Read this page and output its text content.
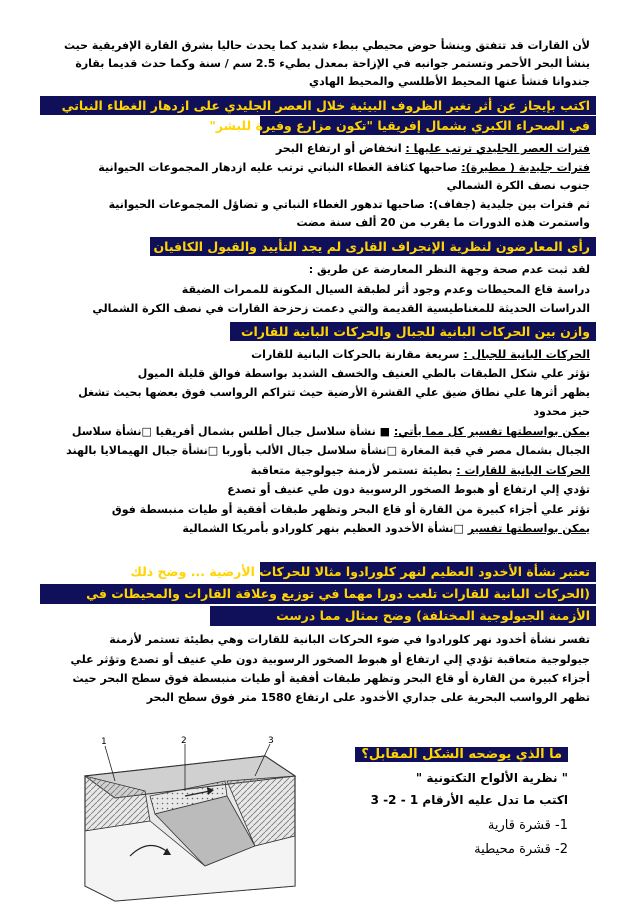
لأن القارات قد تتفتق وينشأ حوض محيطي ببطء شديد كما يحدث حاليا بشرق القارة الإفريقية حيث
ينشأ البحر الأحمر وتستمر جوانبه في الإزاحة بمعدل بطيء 2.5 سم / سنة وكما حدث قديما بقارة
جندوانا فنشأ عنها المحيط الأطلسي والمحيط الهادي
اكتب بإيجاز عن أثر تغير الظروف البيئية خلال العصر الجليدي على ازدهار الغطاء النباتي
في الصحراء الكبري بشمال إفريقيا "تكون مزارع وفيرة للبشر"
فترات العصر الجليدي ترتب عليها : انخفاض أو ارتفاع البحر
فترات جليدية ( مطيرة): صاحبها كثافة الغطاء النباتي ترتب عليه ازدهار المجموعات الحيوانية
جنوب نصف الكرة الشمالي
ثم فترات بين جليدية (جفاف): صاحبها تدهور الغطاء النباتي و تضاؤل المجموعات الحيوانية
واستمرت هذه الدورات ما يقرب من 20 ألف سنة مضت
رأى المعارضون لنظرية الإنجراف القارى لم يجد التأييد والقبول الكافيان
لقد ثبت عدم صحة وجهة النظر المعارضة عن طريق :
دراسة قاع المحيطات وعدم وجود أثر لطبقة السيال المكونة للممرات الضيقة
الدراسات الحديثة للمغناطيسية القديمة والتي دعمت زحزحة القارات في نصف الكرة الشمالي
وازن بين الحركات البانية للجبال والحركات البانية للقارات
الحركات البانية للجبال : سريعة مقارنة بالحركات البانية للقارات
تؤثر علي شكل الطبقات بالطي العنيف والخسف الشديد بواسطة فوالق قليلة الميول
يظهر أثرها علي نطاق ضيق علي القشرة الأرضية حيث تتراكم الرواسب فوق بعضها بحيث تشغل
حيز محدود
يمكن بواسطتها تفسير كل مما يأتي: ■ نشأة سلاسل جبال أطلس بشمال أفريقيا □نشأة سلاسل
الجبال بشمال مصر في قبة المغارة □نشأة سلاسل جبال الألب بأوربا □نشأة جبال الهيمالايا بالهند
الحركات البانية للقارات : بطيئة تستمر لأزمنة جيولوجية متعاقبة
تؤدي إلي ارتفاع أو هبوط الصخور الرسوبية دون طي عنيف أو تصدع
تؤثر علي أجزاء كبيرة من القارة أو قاع البحر وتظهر طبقات أفقية أو طيات منبسطة فوق
يمكن بواسطتها تفسير □نشأة الأخدود العظيم بنهر كلورادو بأمريكا الشمالية
تعتبر نشأة الأخدود العظيم لنهر كلورادوا مثالا للحركات الأرضية ... وضح ذلك
(الحركات البانية للقارات تلعب دورا مهما في توزيع وعلاقة القارات والمحيطات في
الأزمنة الجيولوجية المختلفة) وضح بمثال مما درست
تفسر نشأة أخدود نهر كلورادوا في ضوء الحركات البانية للقارات وهي بطيئة تستمر لأزمنة
جيولوجية متعاقبة تؤدي إلي ارتفاع أو هبوط الصخور الرسوبية دون طي عنيف أو تصدع وتؤثر علي
أجزاء كبيرة من القارة أو قاع البحر وتظهر طبقات أفقية أو طيات منبسطة فوق سطح البحر حيث
تظهر الرواسب البحرية على جداري الأخدود على ارتفاع 1580 متر فوق سطح البحر
ما الذي يوضحه الشكل المقابل؟
" نظرية الألواح التكتونية "
اكتب ما تدل عليه الأرقام 1 - 2- 3
1- قشرة قارية
2- قشرة محيطية
1	2	3
